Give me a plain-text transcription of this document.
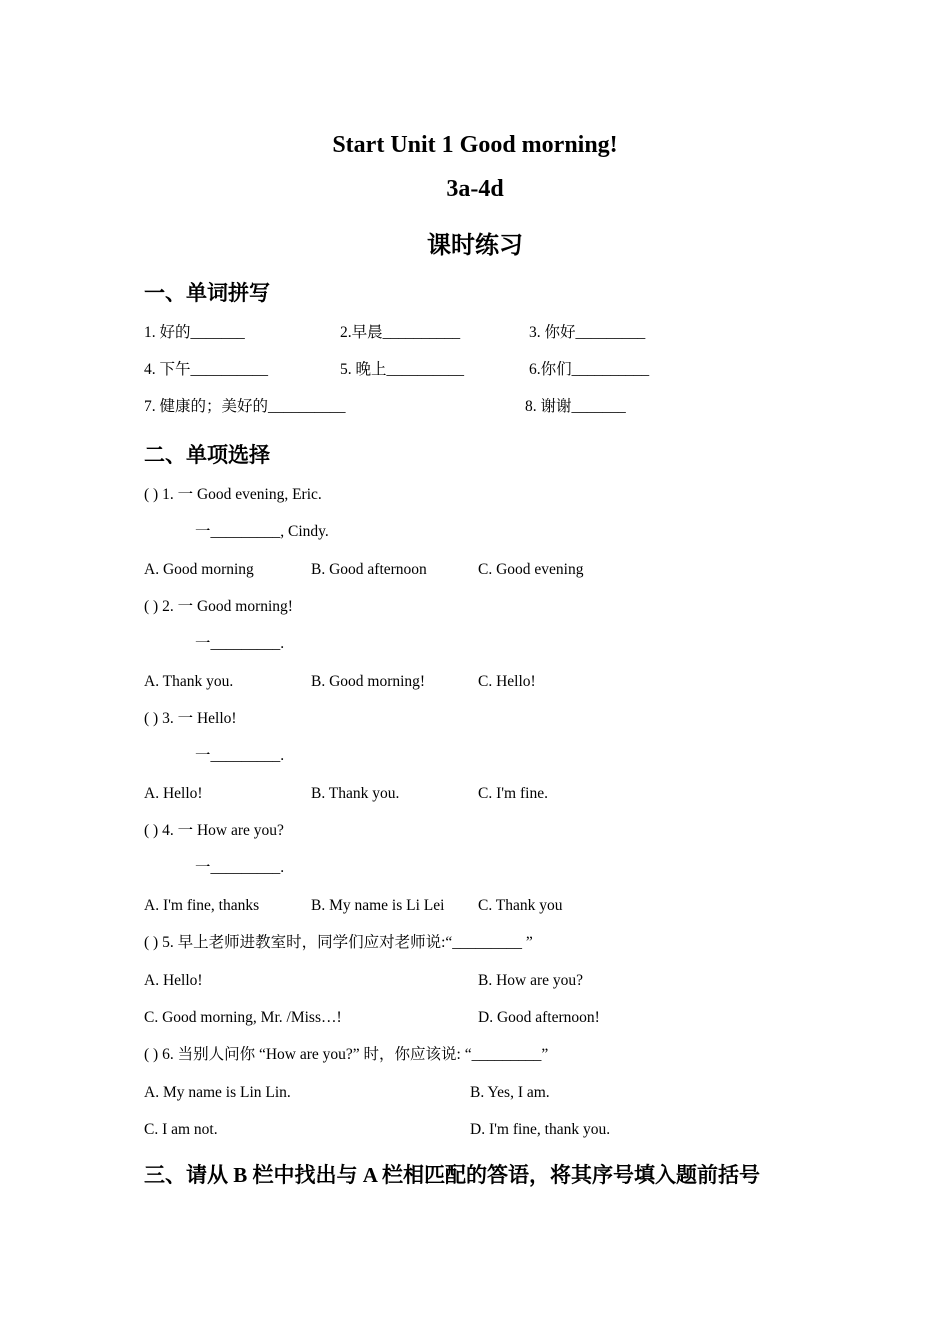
Start Unit 1 Good morning!
3a-4d
课时练习
一、单词拼写
1. 好的_______	2.早晨__________	3. 你好_________
4. 下午__________	5. 晚上__________	6.你们__________
7. 健康的；美好的__________	8. 谢谢_______
二、单项选择
( ) 1. 一 Good evening, Eric.
一_________, Cindy.
A. Good morning	B. Good afternoon	C. Good evening
( ) 2. 一 Good morning!
一_________.
A. Thank you.	B. Good morning!	C. Hello!
( ) 3. 一 Hello!
一_________.
A. Hello!	B. Thank you.	C. I'm fine.
( ) 4. 一 How are you?
一_________.
A. I'm fine, thanks	B. My name is Li Lei C. Thank you
( ) 5. 早上老师进教室时，同学们应对老师说:“_________ ”
A. Hello!	B. How are you?
C. Good morning, Mr. /Miss…!	D. Good afternoon!
( ) 6. 当别人问你 “How are you?” 时，你应该说: “_________”
A. My name is Lin Lin.	B. Yes, I am.
C. I am not.	D. I'm fine, thank you.
三、请从 B 栏中找出与 A 栏相匹配的答语，将其序号填入题前括号
